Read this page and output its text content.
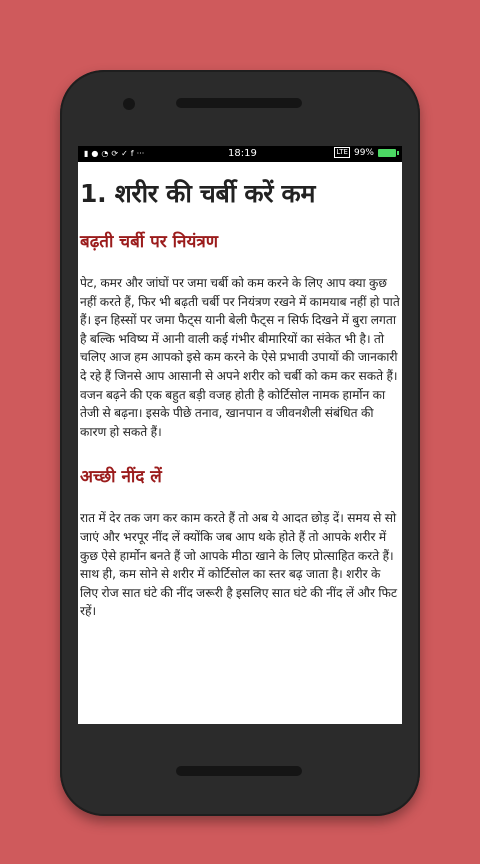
▮ ● ◔ ⟳ ✓ f ···	18:19	LTE 99%
1. शरीर की चर्बी करें कम
बढ़ती चर्बी पर नियंत्रण

पेट, कमर और जांघों पर जमा चर्बी को कम करने के लिए आप क्या कुछ नहीं करते हैं, फिर भी बढ़ती चर्बी पर नियंत्रण रखने में कामयाब नहीं हो पाते हैं। इन हिस्सों पर जमा फैट्स यानी बेली फैट्स न सिर्फ दिखने में बुरा लगता है बल्कि भविष्य में आनी वाली कई गंभीर बीमारियों का संकेत भी है। तो चलिए आज हम आपको इसे कम करने के ऐसे प्रभावी उपायों की जानकारी दे रहे हैं जिनसे आप आसानी से अपने शरीर को चर्बी को कम कर सकते हैं। वजन बढ़ने की एक बहुत बड़ी वजह होती है कोर्टिसोल नामक हार्मोन का तेजी से बढ़ना। इसके पीछे तनाव, खानपान व जीवनशैली संबंधित की कारण हो सकते हैं।

अच्छी नींद लें

रात में देर तक जग कर काम करते हैं तो अब ये आदत छोड़ दें। समय से सो जाएं और भरपूर नींद लें क्योंकि जब आप थके होते हैं तो आपके शरीर में कुछ ऐसे हार्मोन बनते हैं जो आपके मीठा खाने के लिए प्रोत्साहित करते हैं। साथ ही, कम सोने से शरीर में कोर्टिसोल का स्तर बढ़ जाता है। शरीर के लिए रोज सात घंटे की नींद जरूरी है इसलिए सात घंटे की नींद लें और फिट रहें।
